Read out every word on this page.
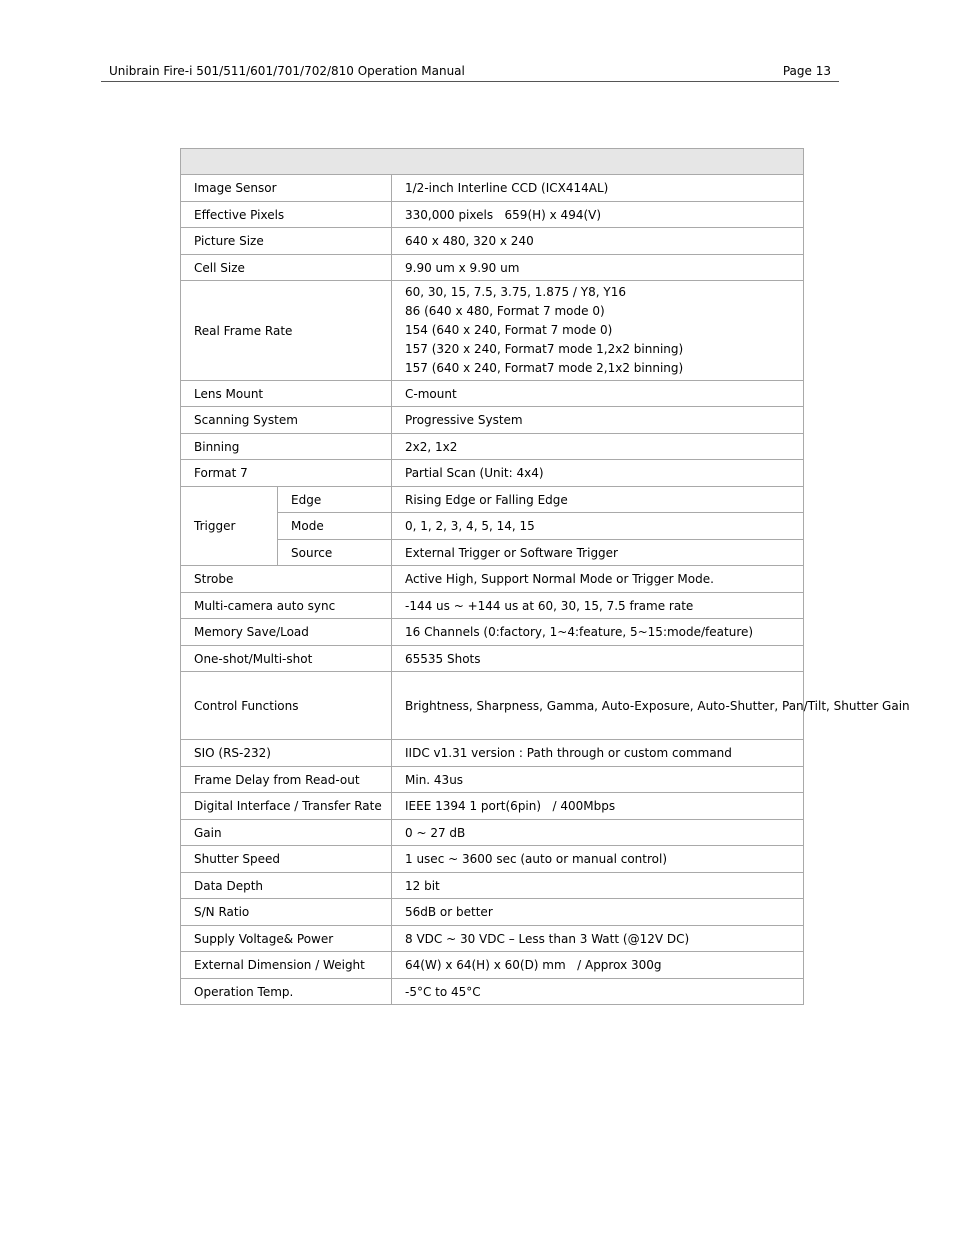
Unibrain Fire-i 501/511/601/701/702/810 Operation Manual	Page 13

Image Sensor		1/2-inch Interline CCD (ICX414AL)
Effective Pixels		330,000 pixels   659(H) x 494(V)
Picture Size		640 x 480, 320 x 240
Cell Size		9.90 um x 9.90 um
Real Frame Rate		60, 30, 15, 7.5, 3.75, 1.875 / Y8, Y16
86 (640 x 480, Format 7 mode 0)
154 (640 x 240, Format 7 mode 0)
157 (320 x 240, Format7 mode 1,2x2 binning)
157 (640 x 240, Format7 mode 2,1x2 binning)

Lens Mount		C-mount
Scanning System		Progressive System
Binning		2x2, 1x2
Format 7		Partial Scan (Unit: 4x4)
Trigger	Edge	Rising Edge or Falling Edge
	Mode	0, 1, 2, 3, 4, 5, 14, 15
	Source	External Trigger or Software Trigger
Strobe		Active High, Support Normal Mode or Trigger Mode.
Multi-camera auto sync		-144 us ~ +144 us at 60, 30, 15, 7.5 frame rate
Memory Save/Load		16 Channels (0:factory, 1~4:feature, 5~15:mode/feature)
One-shot/Multi-shot		65535 Shots
Control Functions		Brightness, Sharpness, Gamma, Auto-Exposure, Auto-Shutter, Pan/Tilt, Shutter Gain
SIO (RS-232)		IIDC v1.31 version : Path through or custom command
Frame Delay from Read-out		Min. 43us
Digital Interface / Transfer Rate		IEEE 1394 1 port(6pin)   / 400Mbps
Gain		0 ~ 27 dB
Shutter Speed		1 usec ~ 3600 sec (auto or manual control)
Data Depth		12 bit
S/N Ratio		56dB or better
Supply Voltage& Power		8 VDC ~ 30 VDC – Less than 3 Watt (@12V DC)
External Dimension / Weight		64(W) x 64(H) x 60(D) mm   / Approx 300g
Operation Temp.		-5°C to 45°C
